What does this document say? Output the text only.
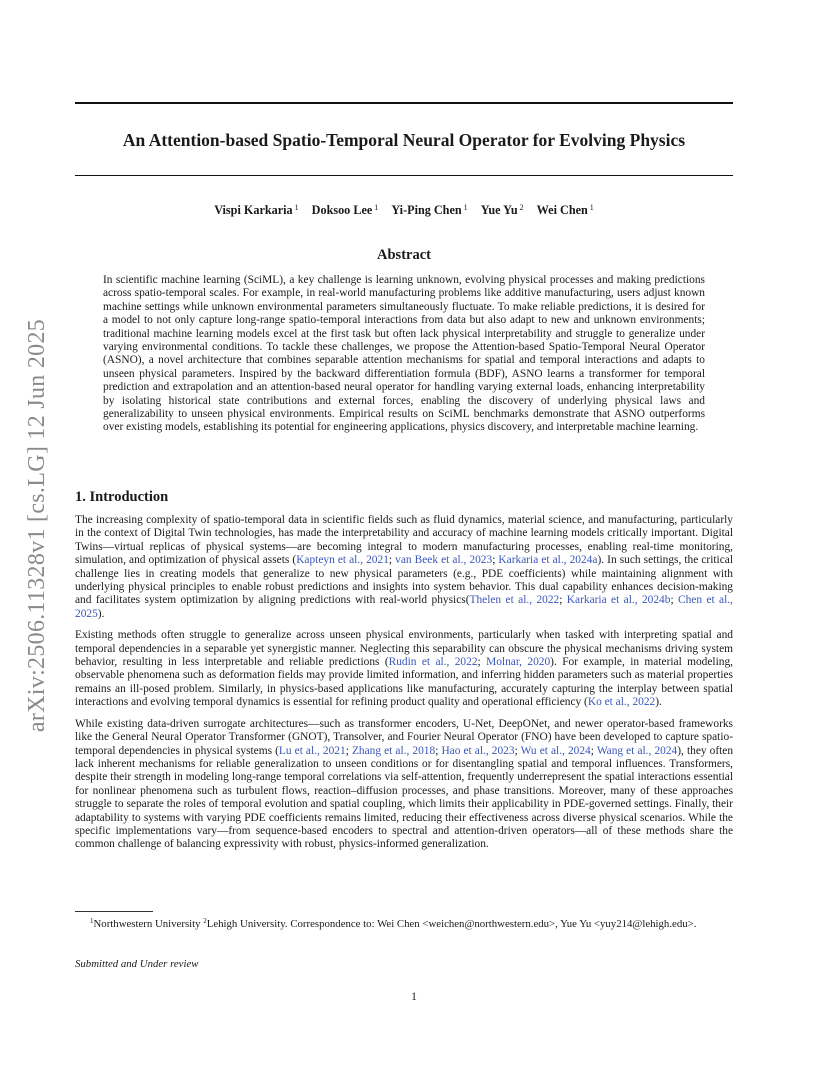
arXiv:2506.11328v1 [cs.LG] 12 Jun 2025
An Attention-based Spatio-Temporal Neural Operator for Evolving Physics
Vispi Karkaria $^1$ Doksoo Lee $^1$ Yi-Ping Chen $^1$ Yue Yu $^2$ Wei Chen $^1$
Abstract

In scientific machine learning (SciML), a key challenge is learning unknown, evolving physical processes and making predictions across spatio-temporal scales. For example, in real-world manufacturing problems like additive manufacturing, users adjust known machine settings while unknown environmental parameters simultaneously fluctuate. To make reliable predictions, it is desired for a model to not only capture long-range spatio-temporal interactions from data but also adapt to new and unknown environments; traditional machine learning models excel at the first task but often lack physical interpretability and struggle to generalize under varying environmental conditions. To tackle these challenges, we propose the Attention-based Spatio-Temporal Neural Operator (ASNO), a novel architecture that combines separable attention mechanisms for spatial and temporal interactions and adapts to unseen physical parameters. Inspired by the backward differentiation formula (BDF), ASNO learns a transformer for temporal prediction and extrapolation and an attention-based neural operator for handling varying external loads, enhancing interpretability by isolating historical state contributions and external forces, enabling the discovery of underlying physical laws and generalizability to unseen physical environments. Empirical results on SciML benchmarks demonstrate that ASNO outperforms over existing models, establishing its potential for engineering applications, physics discovery, and interpretable machine learning.

1. Introduction

The increasing complexity of spatio-temporal data in scientific fields such as fluid dynamics, material science, and manufacturing, particularly in the context of Digital Twin technologies, has made the interpretability and accuracy of machine learning models critically important. Digital Twins—virtual replicas of physical systems—are becoming integral to modern manufacturing processes, enabling real-time monitoring, simulation, and optimization of physical assets (Kapteyn et al., 2021; van Beek et al., 2023; Karkaria et al., 2024a). In such settings, the critical challenge lies in creating models that generalize to new physical parameters (e.g., PDE coefficients) while maintaining alignment with underlying physical principles to enable robust predictions and insights into system behavior. This dual capability enhances decision-making and facilitates system optimization by aligning predictions with real-world physics(Thelen et al., 2022; Karkaria et al., 2024b; Chen et al., 2025).

Existing methods often struggle to generalize across unseen physical environments, particularly when tasked with interpreting spatial and temporal dependencies in a separable yet synergistic manner. Neglecting this separability can obscure the physical mechanisms driving system behavior, resulting in less interpretable and reliable predictions (Rudin et al., 2022; Molnar, 2020). For example, in material modeling, observable phenomena such as deformation fields may provide limited information, and inferring hidden parameters such as material properties remains an ill-posed problem. Similarly, in physics-based applications like manufacturing, accurately capturing the interplay between spatial interactions and evolving temporal dynamics is essential for refining product quality and operational efficiency (Ko et al., 2022).

While existing data-driven surrogate architectures—such as transformer encoders, U-Net, DeepONet, and newer operator-based frameworks like the General Neural Operator Transformer (GNOT), Transolver, and Fourier Neural Operator (FNO) have been developed to capture spatio-temporal dependencies in physical systems (Lu et al., 2021; Zhang et al., 2018; Hao et al., 2023; Wu et al., 2024; Wang et al., 2024), they often lack inherent mechanisms for reliable generalization to unseen conditions or for disentangling spatial and temporal influences. Transformers, despite their strength in modeling long-range temporal correlations via self-attention, frequently underrepresent the spatial interactions essential for nonlinear phenomena such as turbulent flows, reaction–diffusion processes, and phase transitions. Moreover, many of these approaches struggle to separate the roles of temporal evolution and spatial coupling, which limits their applicability in PDE-governed settings. Finally, their adaptability to systems with varying PDE coefficients remains limited, reducing their effectiveness across diverse physical scenarios. While the specific implementations vary—from sequence-based encoders to spectral and attention-driven operators—all of these methods share the common challenge of balancing expressivity with robust, physics-informed generalization.

$^1$Northwestern University $^2$Lehigh University. Correspondence to: Wei Chen <weichen@northwestern.edu>, Yue Yu <yuy214@lehigh.edu>.

Submitted and Under review
1
